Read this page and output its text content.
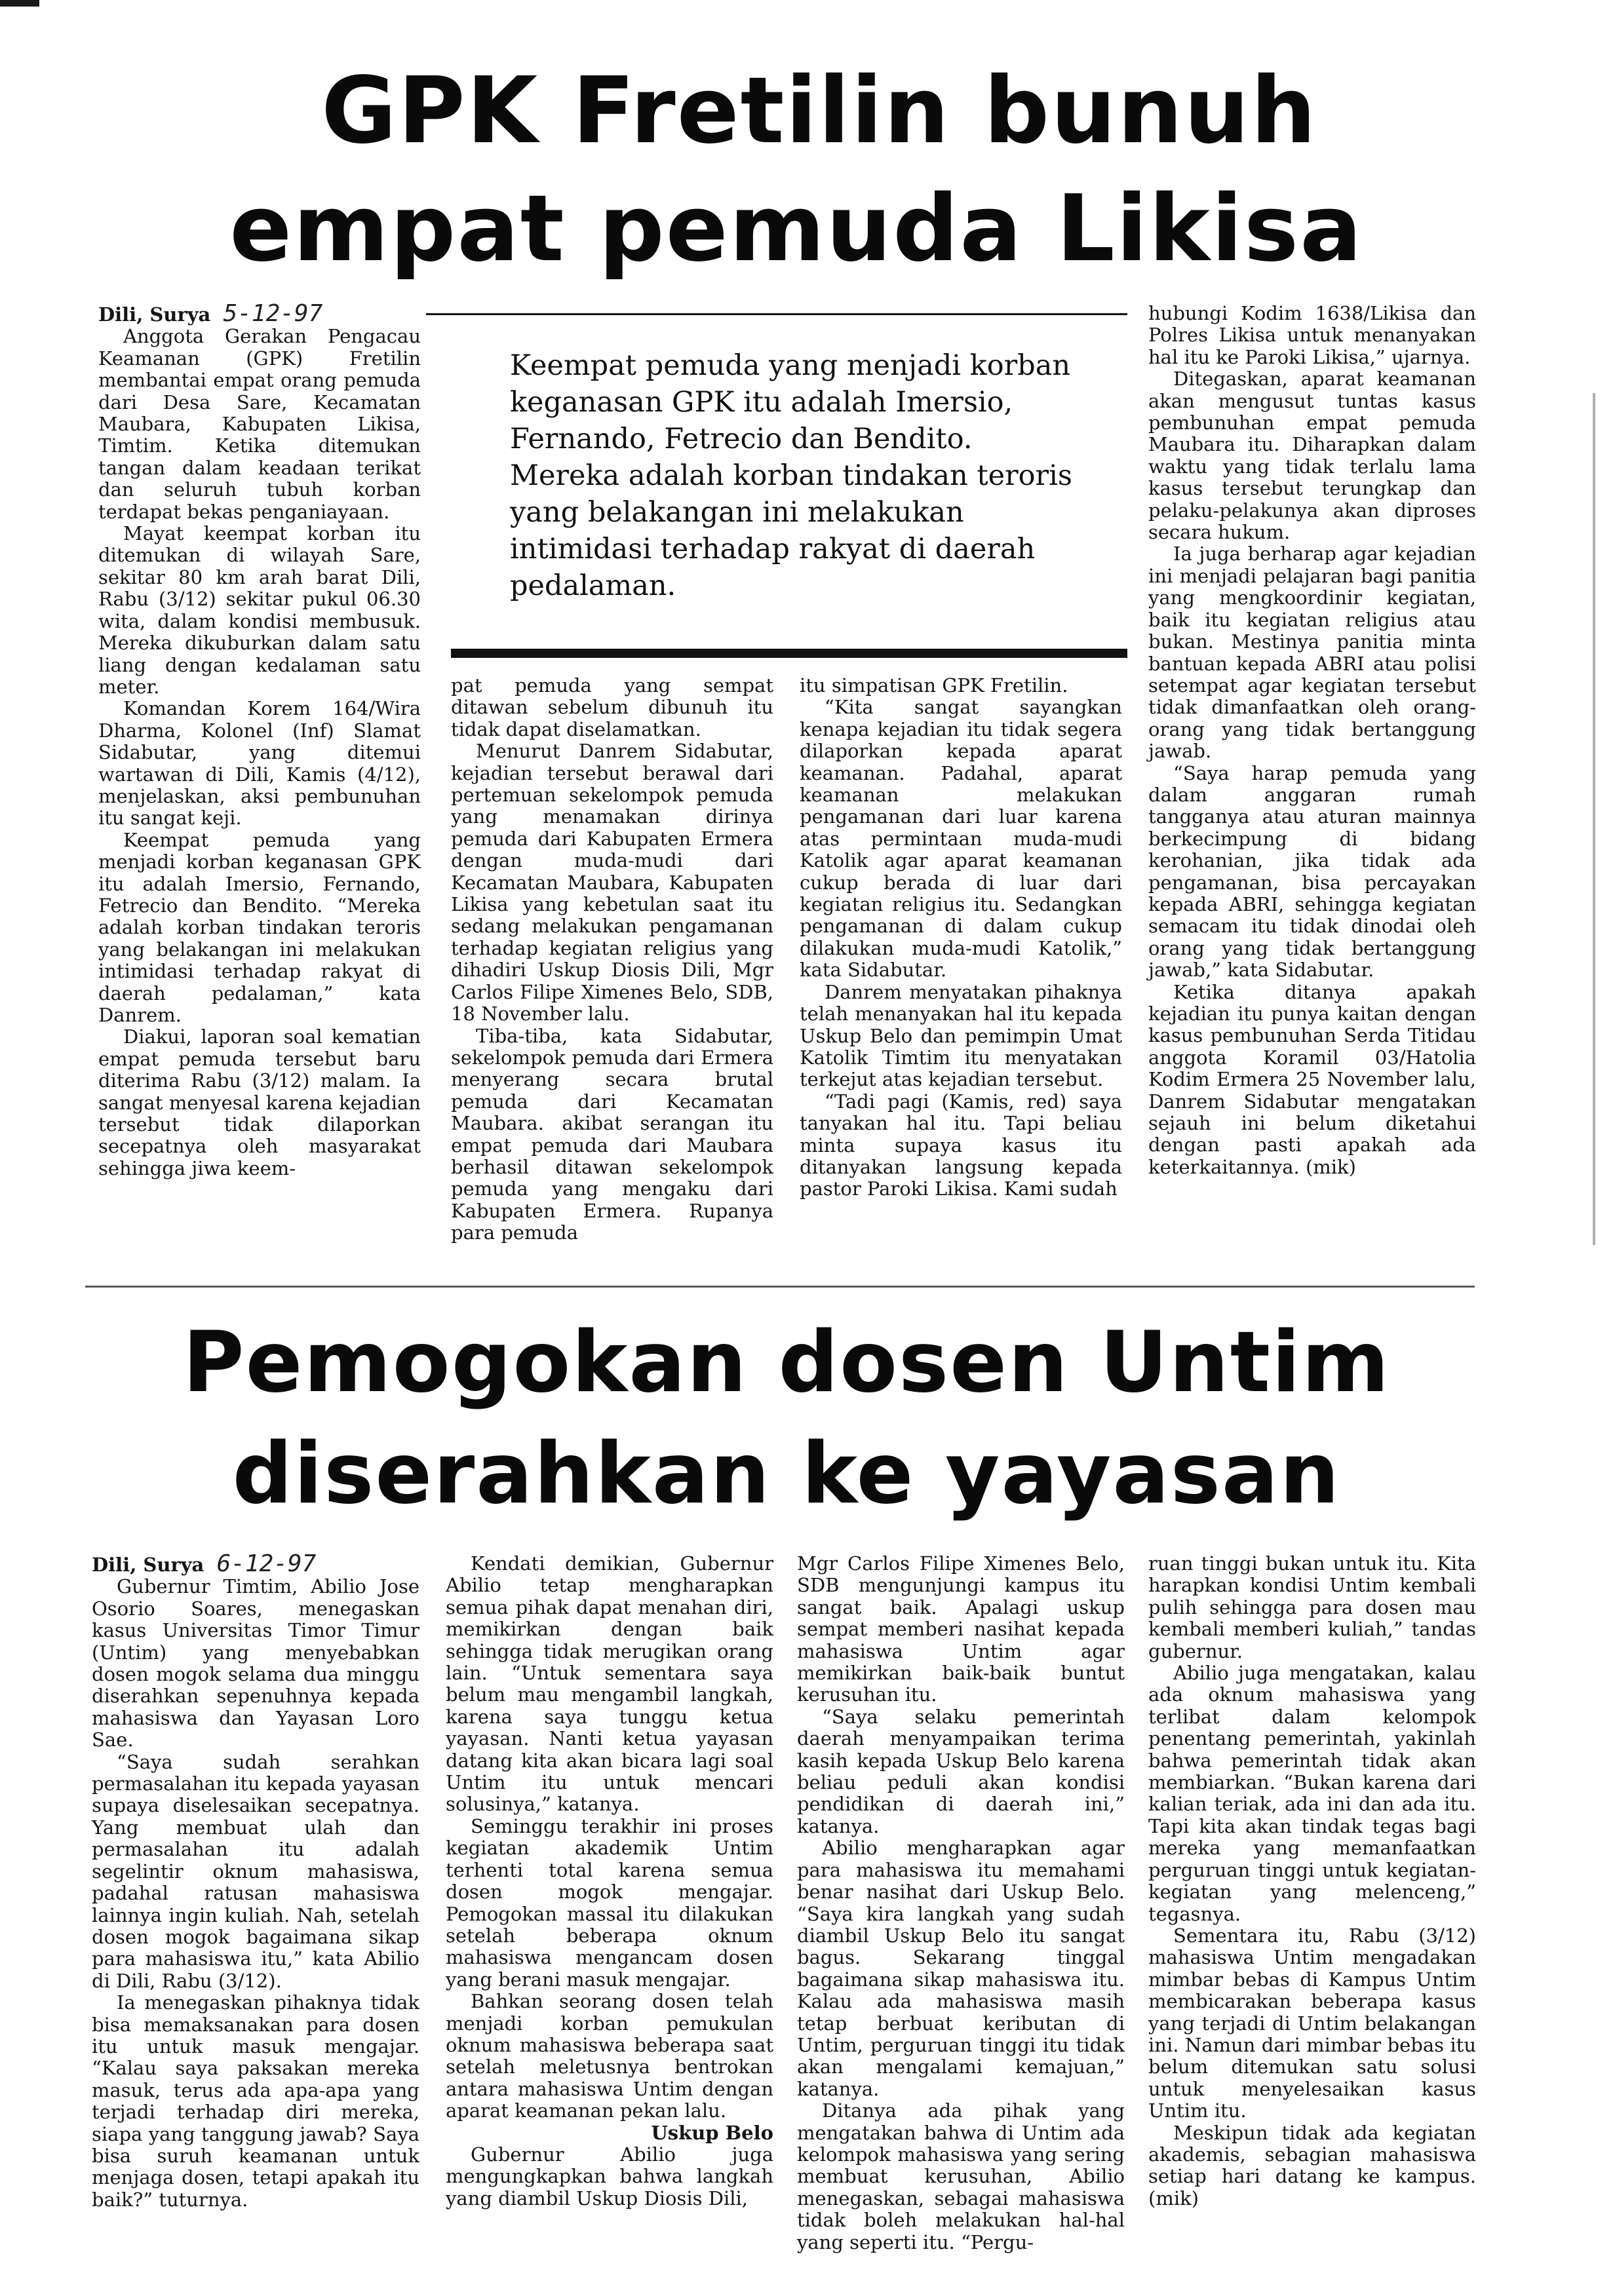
GPK Fretilin bunuh
empat pemuda Likisa

Dili, Surya 5-12-97

Anggota Gerakan Pengacau Keamanan (GPK) Fretilin membantai empat orang pemuda dari Desa Sare, Kecamatan Maubara, Kabupaten Likisa, Timtim. Ketika ditemukan tangan dalam keadaan terikat dan seluruh tubuh korban terdapat bekas penganiayaan.

Mayat keempat korban itu ditemukan di wilayah Sare, sekitar 80 km arah barat Dili, Rabu (3/12) sekitar pukul 06.30 wita, dalam kondisi membusuk. Mereka dikuburkan dalam satu liang dengan kedalaman satu meter.

Komandan Korem 164/Wira Dharma, Kolonel (Inf) Slamat Sidabutar, yang ditemui wartawan di Dili, Kamis (4/12), menjelaskan, aksi pembunuhan itu sangat keji.

Keempat pemuda yang menjadi korban keganasan GPK itu adalah Imersio, Fernando, Fetrecio dan Bendito. “Mereka adalah korban tindakan teroris yang belakangan ini melakukan intimidasi terhadap rakyat di daerah pedalaman,” kata Danrem.

Diakui, laporan soal kematian empat pemuda tersebut baru diterima Rabu (3/12) malam. Ia sangat menyesal karena kejadian tersebut tidak dilaporkan secepatnya oleh masyarakat sehingga jiwa keem-

Keempat pemuda yang menjadi korban keganasan GPK itu adalah Imersio, Fernando, Fetrecio dan Bendito. Mereka adalah korban tindakan teroris yang belakangan ini melakukan intimidasi terhadap rakyat di daerah pedalaman.

pat pemuda yang sempat ditawan sebelum dibunuh itu tidak dapat diselamatkan.

Menurut Danrem Sidabutar, kejadian tersebut berawal dari pertemuan sekelompok pemuda yang menamakan dirinya pemuda dari Kabupaten Ermera dengan muda-mudi dari Kecamatan Maubara, Kabupaten Likisa yang kebetulan saat itu sedang melakukan pengamanan terhadap kegiatan religius yang dihadiri Uskup Diosis Dili, Mgr Carlos Filipe Ximenes Belo, SDB, 18 November lalu.

Tiba-tiba, kata Sidabutar, sekelompok pemuda dari Ermera menyerang secara brutal pemuda dari Kecamatan Maubara. akibat serangan itu empat pemuda dari Maubara berhasil ditawan sekelompok pemuda yang mengaku dari Kabupaten Ermera. Rupanya para pemuda

itu simpatisan GPK Fretilin.

“Kita sangat sayangkan kenapa kejadian itu tidak segera dilaporkan kepada aparat keamanan. Padahal, aparat keamanan melakukan pengamanan dari luar karena atas permintaan muda-mudi Katolik agar aparat keamanan cukup berada di luar dari kegiatan religius itu. Sedangkan pengamanan di dalam cukup dilakukan muda-mudi Katolik,” kata Sidabutar.

Danrem menyatakan pihaknya telah menanyakan hal itu kepada Uskup Belo dan pemimpin Umat Katolik Timtim itu menyatakan terkejut atas kejadian tersebut.

“Tadi pagi (Kamis, red) saya tanyakan hal itu. Tapi beliau minta supaya kasus itu ditanyakan langsung kepada pastor Paroki Likisa. Kami sudah

hubungi Kodim 1638/Likisa dan Polres Likisa untuk menanyakan hal itu ke Paroki Likisa,” ujarnya.

Ditegaskan, aparat keamanan akan mengusut tuntas kasus pembunuhan empat pemuda Maubara itu. Diharapkan dalam waktu yang tidak terlalu lama kasus tersebut terungkap dan pelaku-pelakunya akan diproses secara hukum.

Ia juga berharap agar kejadian ini menjadi pelajaran bagi panitia yang mengkoordinir kegiatan, baik itu kegiatan religius atau bukan. Mestinya panitia minta bantuan kepada ABRI atau polisi setempat agar kegiatan tersebut tidak dimanfaatkan oleh orang-orang yang tidak bertanggung jawab.

“Saya harap pemuda yang dalam anggaran rumah tangganya atau aturan mainnya berkecimpung di bidang kerohanian, jika tidak ada pengamanan, bisa percayakan kepada ABRI, sehingga kegiatan semacam itu tidak dinodai oleh orang yang tidak bertanggung jawab,” kata Sidabutar.

Ketika ditanya apakah kejadian itu punya kaitan dengan kasus pembunuhan Serda Titidau anggota Koramil 03/Hatolia Kodim Ermera 25 November lalu, Danrem Sidabutar mengatakan sejauh ini belum diketahui dengan pasti apakah ada keterkaitannya. (mik)

Pemogokan dosen Untim
diserahkan ke yayasan

Dili, Surya 6-12-97

Gubernur Timtim, Abilio Jose Osorio Soares, menegaskan kasus Universitas Timor Timur (Untim) yang menyebabkan dosen mogok selama dua minggu diserahkan sepenuhnya kepada mahasiswa dan Yayasan Loro Sae.

“Saya sudah serahkan permasalahan itu kepada yayasan supaya diselesaikan secepatnya. Yang membuat ulah dan permasalahan itu adalah segelintir oknum mahasiswa, padahal ratusan mahasiswa lainnya ingin kuliah. Nah, setelah dosen mogok bagaimana sikap para mahasiswa itu,” kata Abilio di Dili, Rabu (3/12).

Ia menegaskan pihaknya tidak bisa memaksanakan para dosen itu untuk masuk mengajar. “Kalau saya paksakan mereka masuk, terus ada apa-apa yang terjadi terhadap diri mereka, siapa yang tanggung jawab? Saya bisa suruh keamanan untuk menjaga dosen, tetapi apakah itu baik?” tuturnya.

Kendati demikian, Gubernur Abilio tetap mengharapkan semua pihak dapat menahan diri, memikirkan dengan baik sehingga tidak merugikan orang lain. “Untuk sementara saya belum mau mengambil langkah, karena saya tunggu ketua yayasan. Nanti ketua yayasan datang kita akan bicara lagi soal Untim itu untuk mencari solusinya,” katanya.

Seminggu terakhir ini proses kegiatan akademik Untim terhenti total karena semua dosen mogok mengajar. Pemogokan massal itu dilakukan setelah beberapa oknum mahasiswa mengancam dosen yang berani masuk mengajar.

Bahkan seorang dosen telah menjadi korban pemukulan oknum mahasiswa beberapa saat setelah meletusnya bentrokan antara mahasiswa Untim dengan aparat keamanan pekan lalu.

Uskup Belo

Gubernur Abilio juga mengungkapkan bahwa langkah yang diambil Uskup Diosis Dili,

Mgr Carlos Filipe Ximenes Belo, SDB mengunjungi kampus itu sangat baik. Apalagi uskup sempat memberi nasihat kepada mahasiswa Untim agar memikirkan baik-baik buntut kerusuhan itu.

“Saya selaku pemerintah daerah menyampaikan terima kasih kepada Uskup Belo karena beliau peduli akan kondisi pendidikan di daerah ini,” katanya.

Abilio mengharapkan agar para mahasiswa itu memahami benar nasihat dari Uskup Belo. “Saya kira langkah yang sudah diambil Uskup Belo itu sangat bagus. Sekarang tinggal bagaimana sikap mahasiswa itu. Kalau ada mahasiswa masih tetap berbuat keributan di Untim, perguruan tinggi itu tidak akan mengalami kemajuan,” katanya.

Ditanya ada pihak yang mengatakan bahwa di Untim ada kelompok mahasiswa yang sering membuat kerusuhan, Abilio menegaskan, sebagai mahasiswa tidak boleh melakukan hal-hal yang seperti itu. “Pergu-

ruan tinggi bukan untuk itu. Kita harapkan kondisi Untim kembali pulih sehingga para dosen mau kembali memberi kuliah,” tandas gubernur.

Abilio juga mengatakan, kalau ada oknum mahasiswa yang terlibat dalam kelompok penentang pemerintah, yakinlah bahwa pemerintah tidak akan membiarkan. “Bukan karena dari kalian teriak, ada ini dan ada itu. Tapi kita akan tindak tegas bagi mereka yang memanfaatkan perguruan tinggi untuk kegiatan-kegiatan yang melenceng,” tegasnya.

Sementara itu, Rabu (3/12) mahasiswa Untim mengadakan mimbar bebas di Kampus Untim membicarakan beberapa kasus yang terjadi di Untim belakangan ini. Namun dari mimbar bebas itu belum ditemukan satu solusi untuk menyelesaikan kasus Untim itu.

Meskipun tidak ada kegiatan akademis, sebagian mahasiswa setiap hari datang ke kampus. (mik)
